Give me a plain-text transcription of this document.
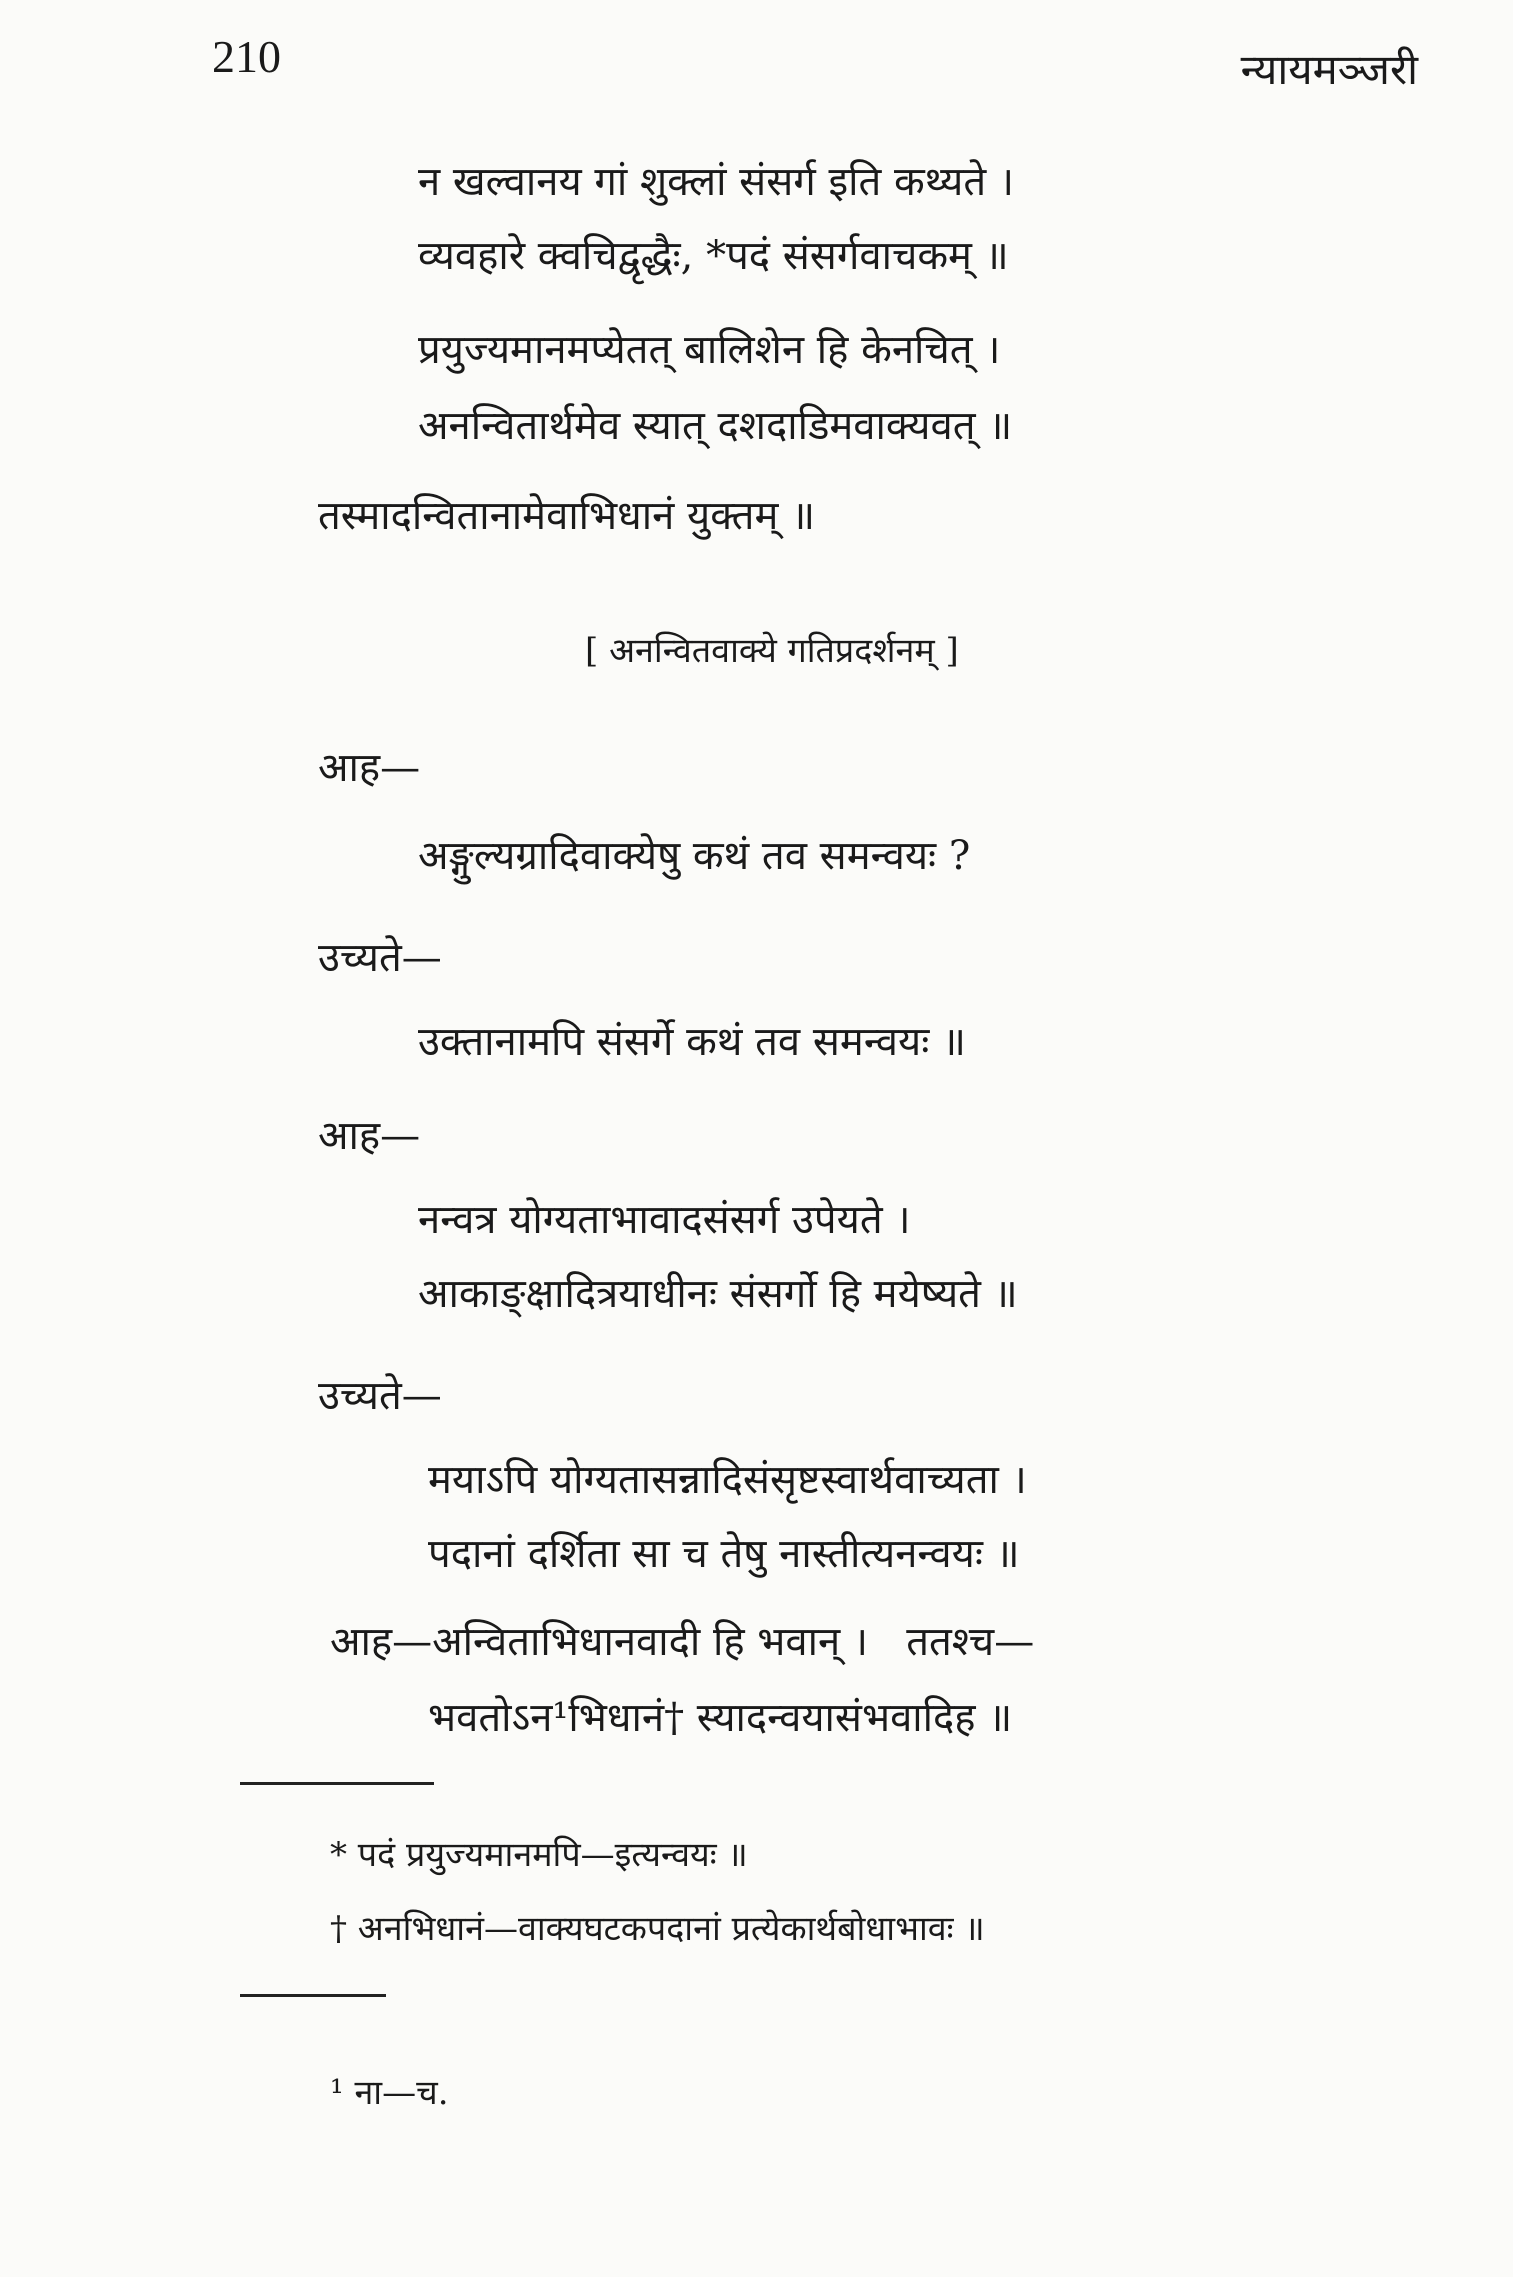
210	न्यायमञ्जरी
न खल्वानय गां शुक्लां संसर्ग इति कथ्यते ।
व्यवहारे क्वचिद्वृद्धैः, *पदं संसर्गवाचकम् ॥
प्रयुज्यमानमप्येतत् बालिशेन हि केनचित् ।
अनन्वितार्थमेव स्यात् दशदाडिमवाक्यवत् ॥
तस्मादन्वितानामेवाभिधानं युक्तम् ॥
[ अनन्वितवाक्ये गतिप्रदर्शनम् ]
आह—
अङ्गुल्यग्रादिवाक्येषु कथं तव समन्वयः ?
उच्यते—
उक्तानामपि संसर्गे कथं तव समन्वयः ॥
आह—
नन्वत्र योग्यताभावादसंसर्ग उपेयते ।
आकाङ्क्षादित्रयाधीनः संसर्गो हि मयेष्यते ॥
उच्यते—
मयाऽपि योग्यतासन्नादिसंसृष्टस्वार्थवाच्यता ।
पदानां दर्शिता सा च तेषु नास्तीत्यनन्वयः ॥
आह—अन्विताभिधानवादी हि भवान् ।   ततश्च—
भवतोऽन¹भिधानं† स्यादन्वयासंभवादिह ॥
* पदं प्रयुज्यमानमपि—इत्यन्वयः ॥
† अनभिधानं—वाक्यघटकपदानां प्रत्येकार्थबोधाभावः ॥
¹ ना—च.
